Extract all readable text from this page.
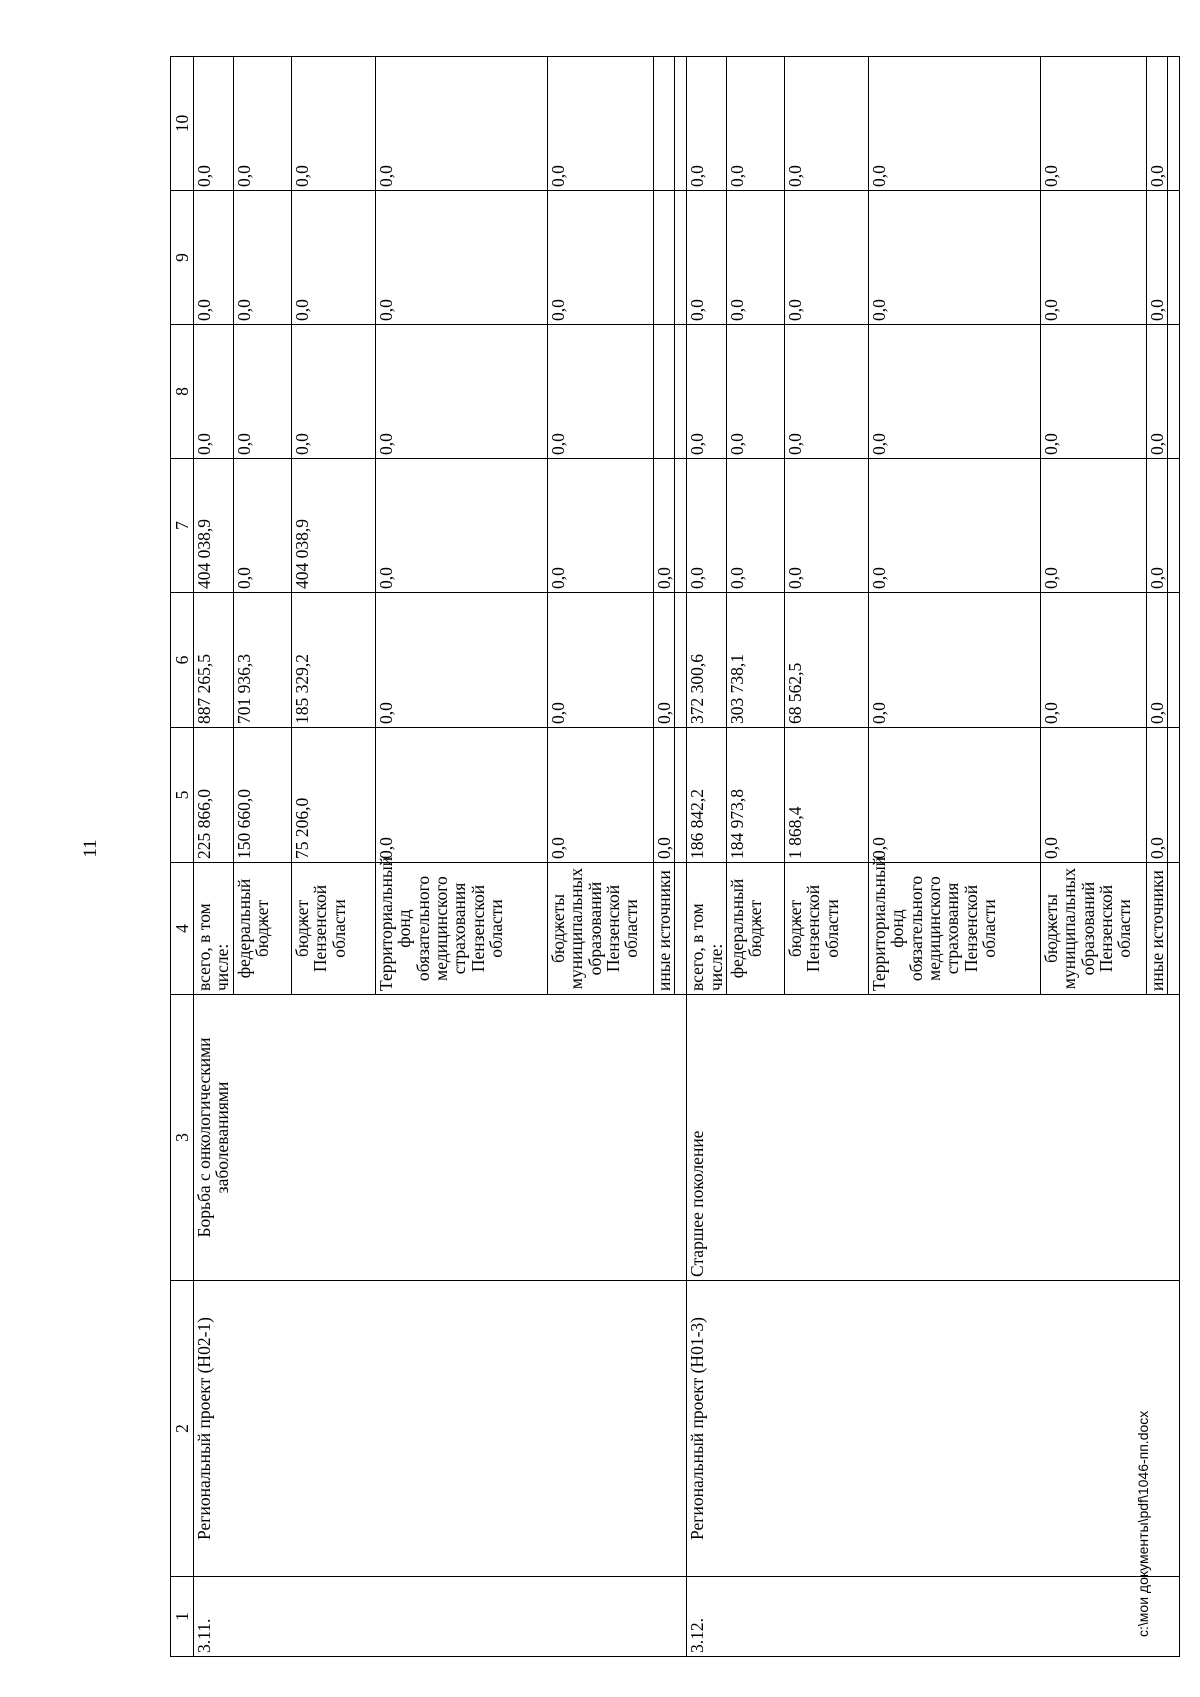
11
1	2	3	4	5	6	7	8	9	10
3.11.	Региональный проект (Н02-1)	Борьба с онкологическими заболеваниями	всего, в том числе:	225 866,0	887 265,5	404 038,9	0,0	0,0	0,0
			федеральный бюджет	150 660,0	701 936,3	0,0	0,0	0,0	0,0
			бюджет Пензенской области	75 206,0	185 329,2	404 038,9	0,0	0,0	0,0
			Территориальный фонд обязательного медицинского страхования Пензенской области	0,0	0,0	0,0	0,0	0,0	0,0
			бюджеты муниципальных образований Пензенской области	0,0	0,0	0,0	0,0	0,0	0,0
			иные источники	0,0	0,0	0,0			

3.12.	Региональный проект (Н01-3)	Старшее поколение	всего, в том числе:	186 842,2	372 300,6	0,0	0,0	0,0	0,0
			федеральный бюджет	184 973,8	303 738,1	0,0	0,0	0,0	0,0
			бюджет Пензенской области	1 868,4	68 562,5	0,0	0,0	0,0	0,0
			Территориальный фонд обязательного медицинского страхования Пензенской области	0,0	0,0	0,0	0,0	0,0	0,0
			бюджеты муниципальных образований Пензенской области	0,0	0,0	0,0	0,0	0,0	0,0
			иные источники	0,0	0,0	0,0	0,0	0,0	0,0

c:\мои документы\pdf\1046-пп.docx
